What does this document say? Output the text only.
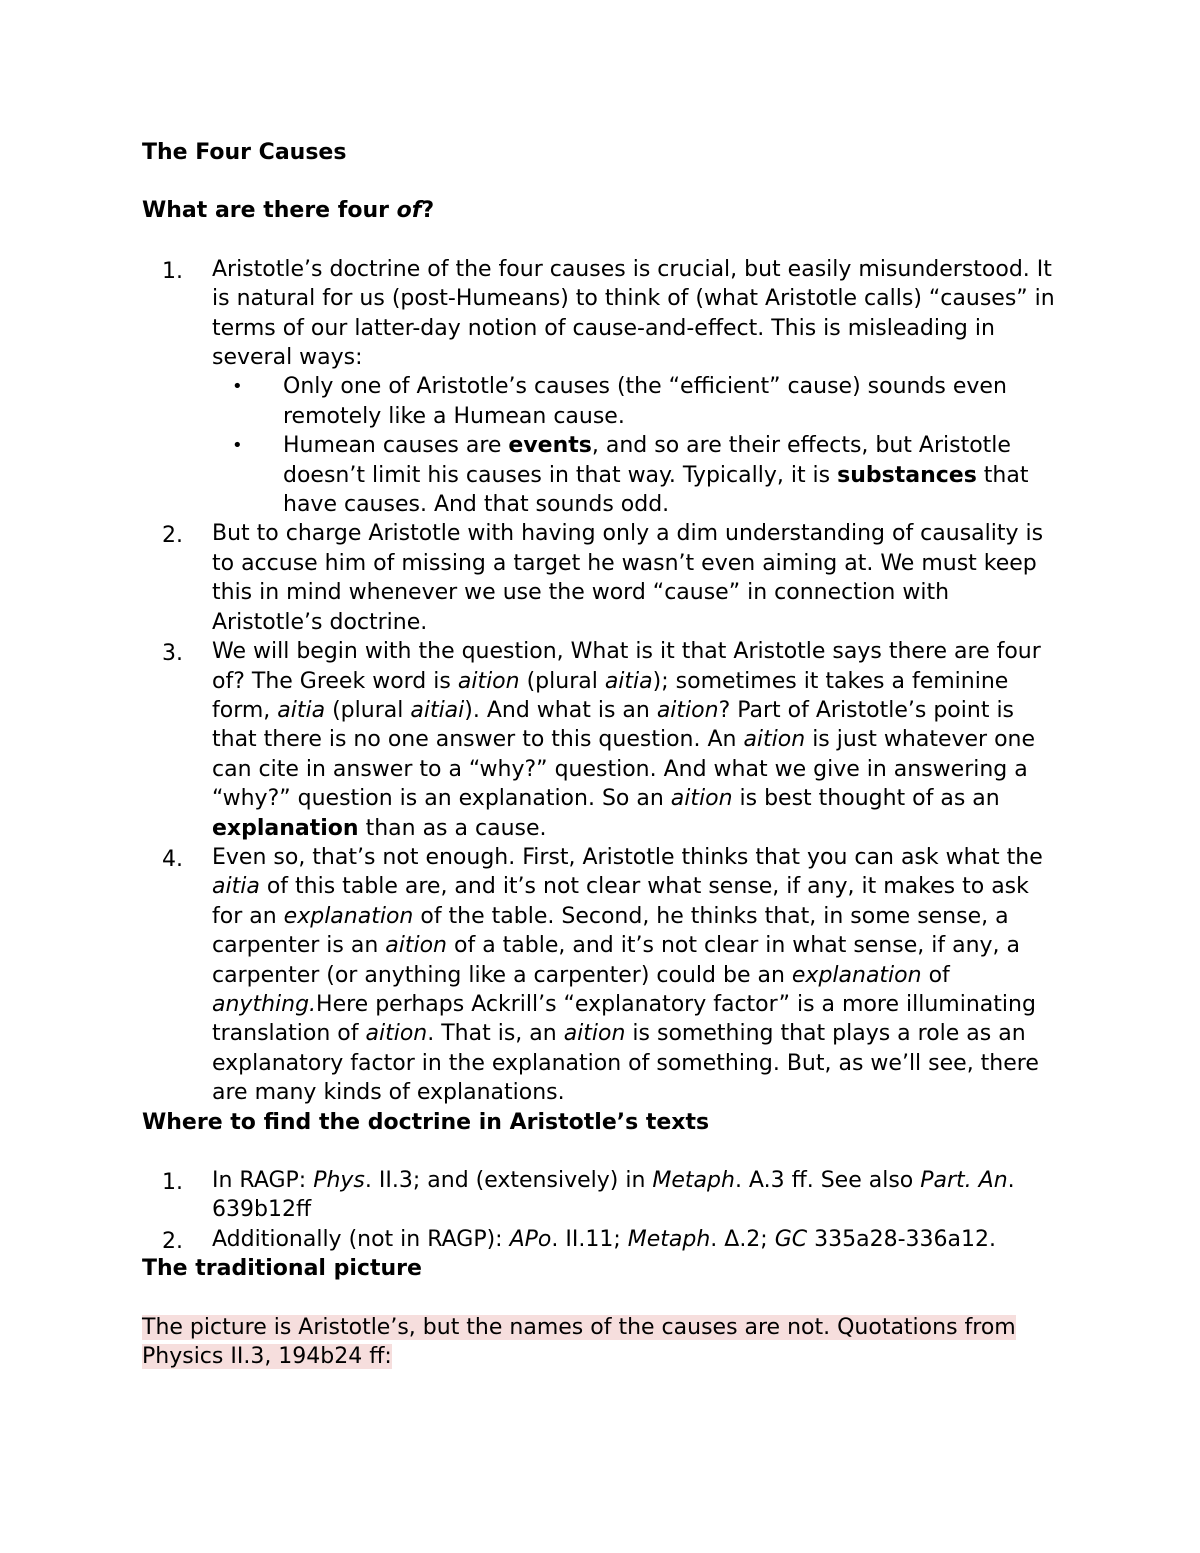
The Four Causes
What are there four of?
1. Aristotle’s doctrine of the four causes is crucial, but easily misunderstood. It is natural for us (post-Humeans) to think of (what Aristotle calls) “causes” in terms of our latter-day notion of cause-and-effect. This is misleading in several ways:
• Only one of Aristotle’s causes (the “efficient” cause) sounds even remotely like a Humean cause.
• Humean causes are events, and so are their effects, but Aristotle doesn’t limit his causes in that way. Typically, it is substances that have causes. And that sounds odd.
2. But to charge Aristotle with having only a dim understanding of causality is to accuse him of missing a target he wasn’t even aiming at. We must keep this in mind whenever we use the word “cause” in connection with Aristotle’s doctrine.
3. We will begin with the question, What is it that Aristotle says there are four of? The Greek word is aition (plural aitia); sometimes it takes a feminine form, aitia (plural aitiai). And what is an aition? Part of Aristotle’s point is that there is no one answer to this question. An aition is just whatever one can cite in answer to a “why?” question. And what we give in answering a “why?” question is an explanation. So an aition is best thought of as an explanation than as a cause.
4. Even so, that’s not enough. First, Aristotle thinks that you can ask what the aitia of this table are, and it’s not clear what sense, if any, it makes to ask for an explanation of the table. Second, he thinks that, in some sense, a carpenter is an aition of a table, and it’s not clear in what sense, if any, a carpenter (or anything like a carpenter) could be an explanation of anything.Here perhaps Ackrill’s “explanatory factor” is a more illuminating translation of aition. That is, an aition is something that plays a role as an explanatory factor in the explanation of something. But, as we’ll see, there are many kinds of explanations.
Where to find the doctrine in Aristotle’s texts
1. In RAGP: Phys. II.3; and (extensively) in Metaph. A.3 ff. See also Part. An. 639b12ff
2. Additionally (not in RAGP): APo. II.11; Metaph. Δ.2; GC 335a28-336a12.
The traditional picture

The picture is Aristotle’s, but the names of the causes are not. Quotations from Physics II.3, 194b24 ff:
